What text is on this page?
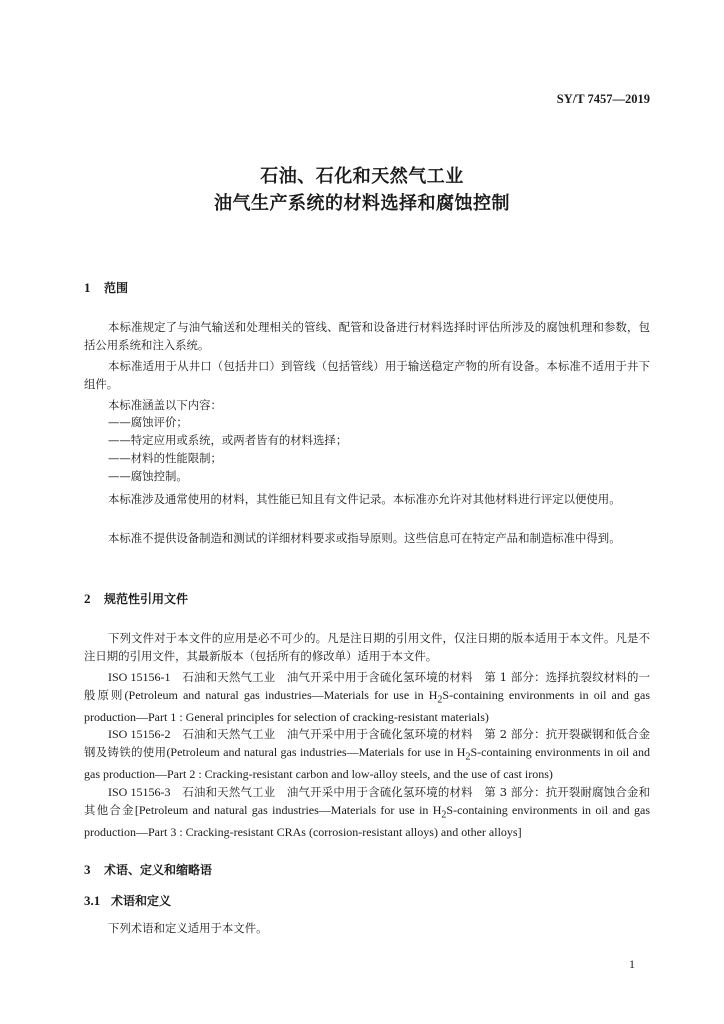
SY/T 7457—2019
石油、石化和天然气工业
油气生产系统的材料选择和腐蚀控制
1 范围

本标准规定了与油气输送和处理相关的管线、配管和设备进行材料选择时评估所涉及的腐蚀机理和参数，包括公用系统和注入系统。

本标准适用于从井口（包括井口）到管线（包括管线）用于输送稳定产物的所有设备。本标准不适用于井下组件。

本标准涵盖以下内容：

——腐蚀评价；
——特定应用或系统，或两者皆有的材料选择；
——材料的性能限制；
——腐蚀控制。

本标准涉及通常使用的材料，其性能已知且有文件记录。本标准亦允许对其他材料进行评定以便使用。

本标准不提供设备制造和测试的详细材料要求或指导原则。这些信息可在特定产品和制造标准中得到。

2 规范性引用文件

下列文件对于本文件的应用是必不可少的。凡是注日期的引用文件，仅注日期的版本适用于本文件。凡是不注日期的引用文件，其最新版本（包括所有的修改单）适用于本文件。

ISO 15156-1　 石油和天然气工业　油气开采中用于含硫化氢环境的材料　第 1 部分：选择抗裂纹材料的一般原则(Petroleum and natural gas industries—Materials for use in $H_2S$-containing environments in oil and gas production—Part 1 : General principles for selection of cracking-resistant materials)

ISO 15156-2　 石油和天然气工业　油气开采中用于含硫化氢环境的材料　第 2 部分：抗开裂碳钢和低合金钢及铸铁的使用(Petroleum and natural gas industries—Materials for use in $H_2S$-containing environments in oil and gas production—Part 2 : Cracking-resistant carbon and low-alloy steels, and the use of cast irons)

ISO 15156-3　 石油和天然气工业　油气开采中用于含硫化氢环境的材料　第 3 部分：抗开裂耐腐蚀合金和其他合金[Petroleum and natural gas industries—Materials for use in $H_2S$-containing environments in oil and gas production—Part 3 : Cracking-resistant CRAs (corrosion-resistant alloys) and other alloys]

3 术语、定义和缩略语
3.1 术语和定义

下列术语和定义适用于本文件。

1
